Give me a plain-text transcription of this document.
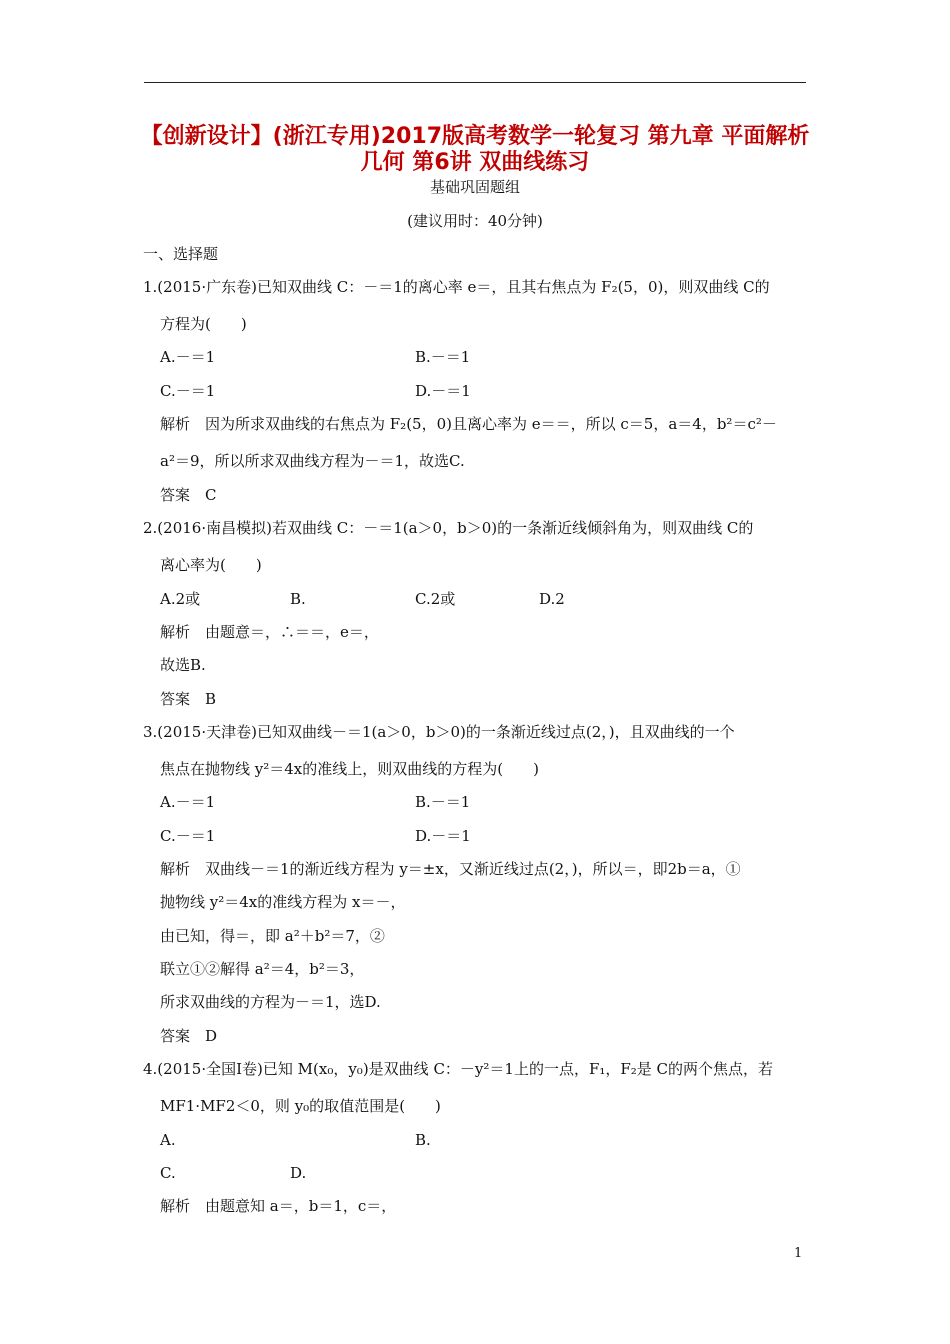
【创新设计】(浙江专用)2017版高考数学一轮复习 第九章 平面解析
几何 第6讲 双曲线练习
基础巩固题组
(建议用时：40分钟)
一、选择题
1.(2015·广东卷)已知双曲线 C：－＝1的离心率 e＝，且其右焦点为 F₂(5，0)，则双曲线 C的
方程为(　　)
A.－＝1	B.－＝1
C.－＝1	D.－＝1
解析　因为所求双曲线的右焦点为 F₂(5，0)且离心率为 e＝＝，所以 c＝5，a＝4，b²＝c²－
a²＝9，所以所求双曲线方程为－＝1，故选C.
答案　C
2.(2016·南昌模拟)若双曲线 C：－＝1(a＞0，b＞0)的一条渐近线倾斜角为，则双曲线 C的
离心率为(　　)
A.2或	B.	C.2或	D.2
解析　由题意＝，∴＝＝，e＝，
故选B.
答案　B
3.(2015·天津卷)已知双曲线－＝1(a＞0，b＞0)的一条渐近线过点(2，)，且双曲线的一个
焦点在抛物线 y²＝4x的准线上，则双曲线的方程为(　　)
A.－＝1	B.－＝1
C.－＝1	D.－＝1
解析　双曲线－＝1的渐近线方程为 y＝±x，又渐近线过点(2，)，所以＝，即2b＝a，①
抛物线 y²＝4x的准线方程为 x＝－，
由已知，得＝，即 a²＋b²＝7，②
联立①②解得 a²＝4，b²＝3，
所求双曲线的方程为－＝1，选D.
答案　D
4.(2015·全国Ⅰ卷)已知 M(x₀，y₀)是双曲线 C：－y²＝1上的一点，F₁，F₂是 C的两个焦点，若
MF1·MF2＜0，则 y₀的取值范围是(　　)
A.	B.
C.	D.
解析　由题意知 a＝，b＝1，c＝，
1
